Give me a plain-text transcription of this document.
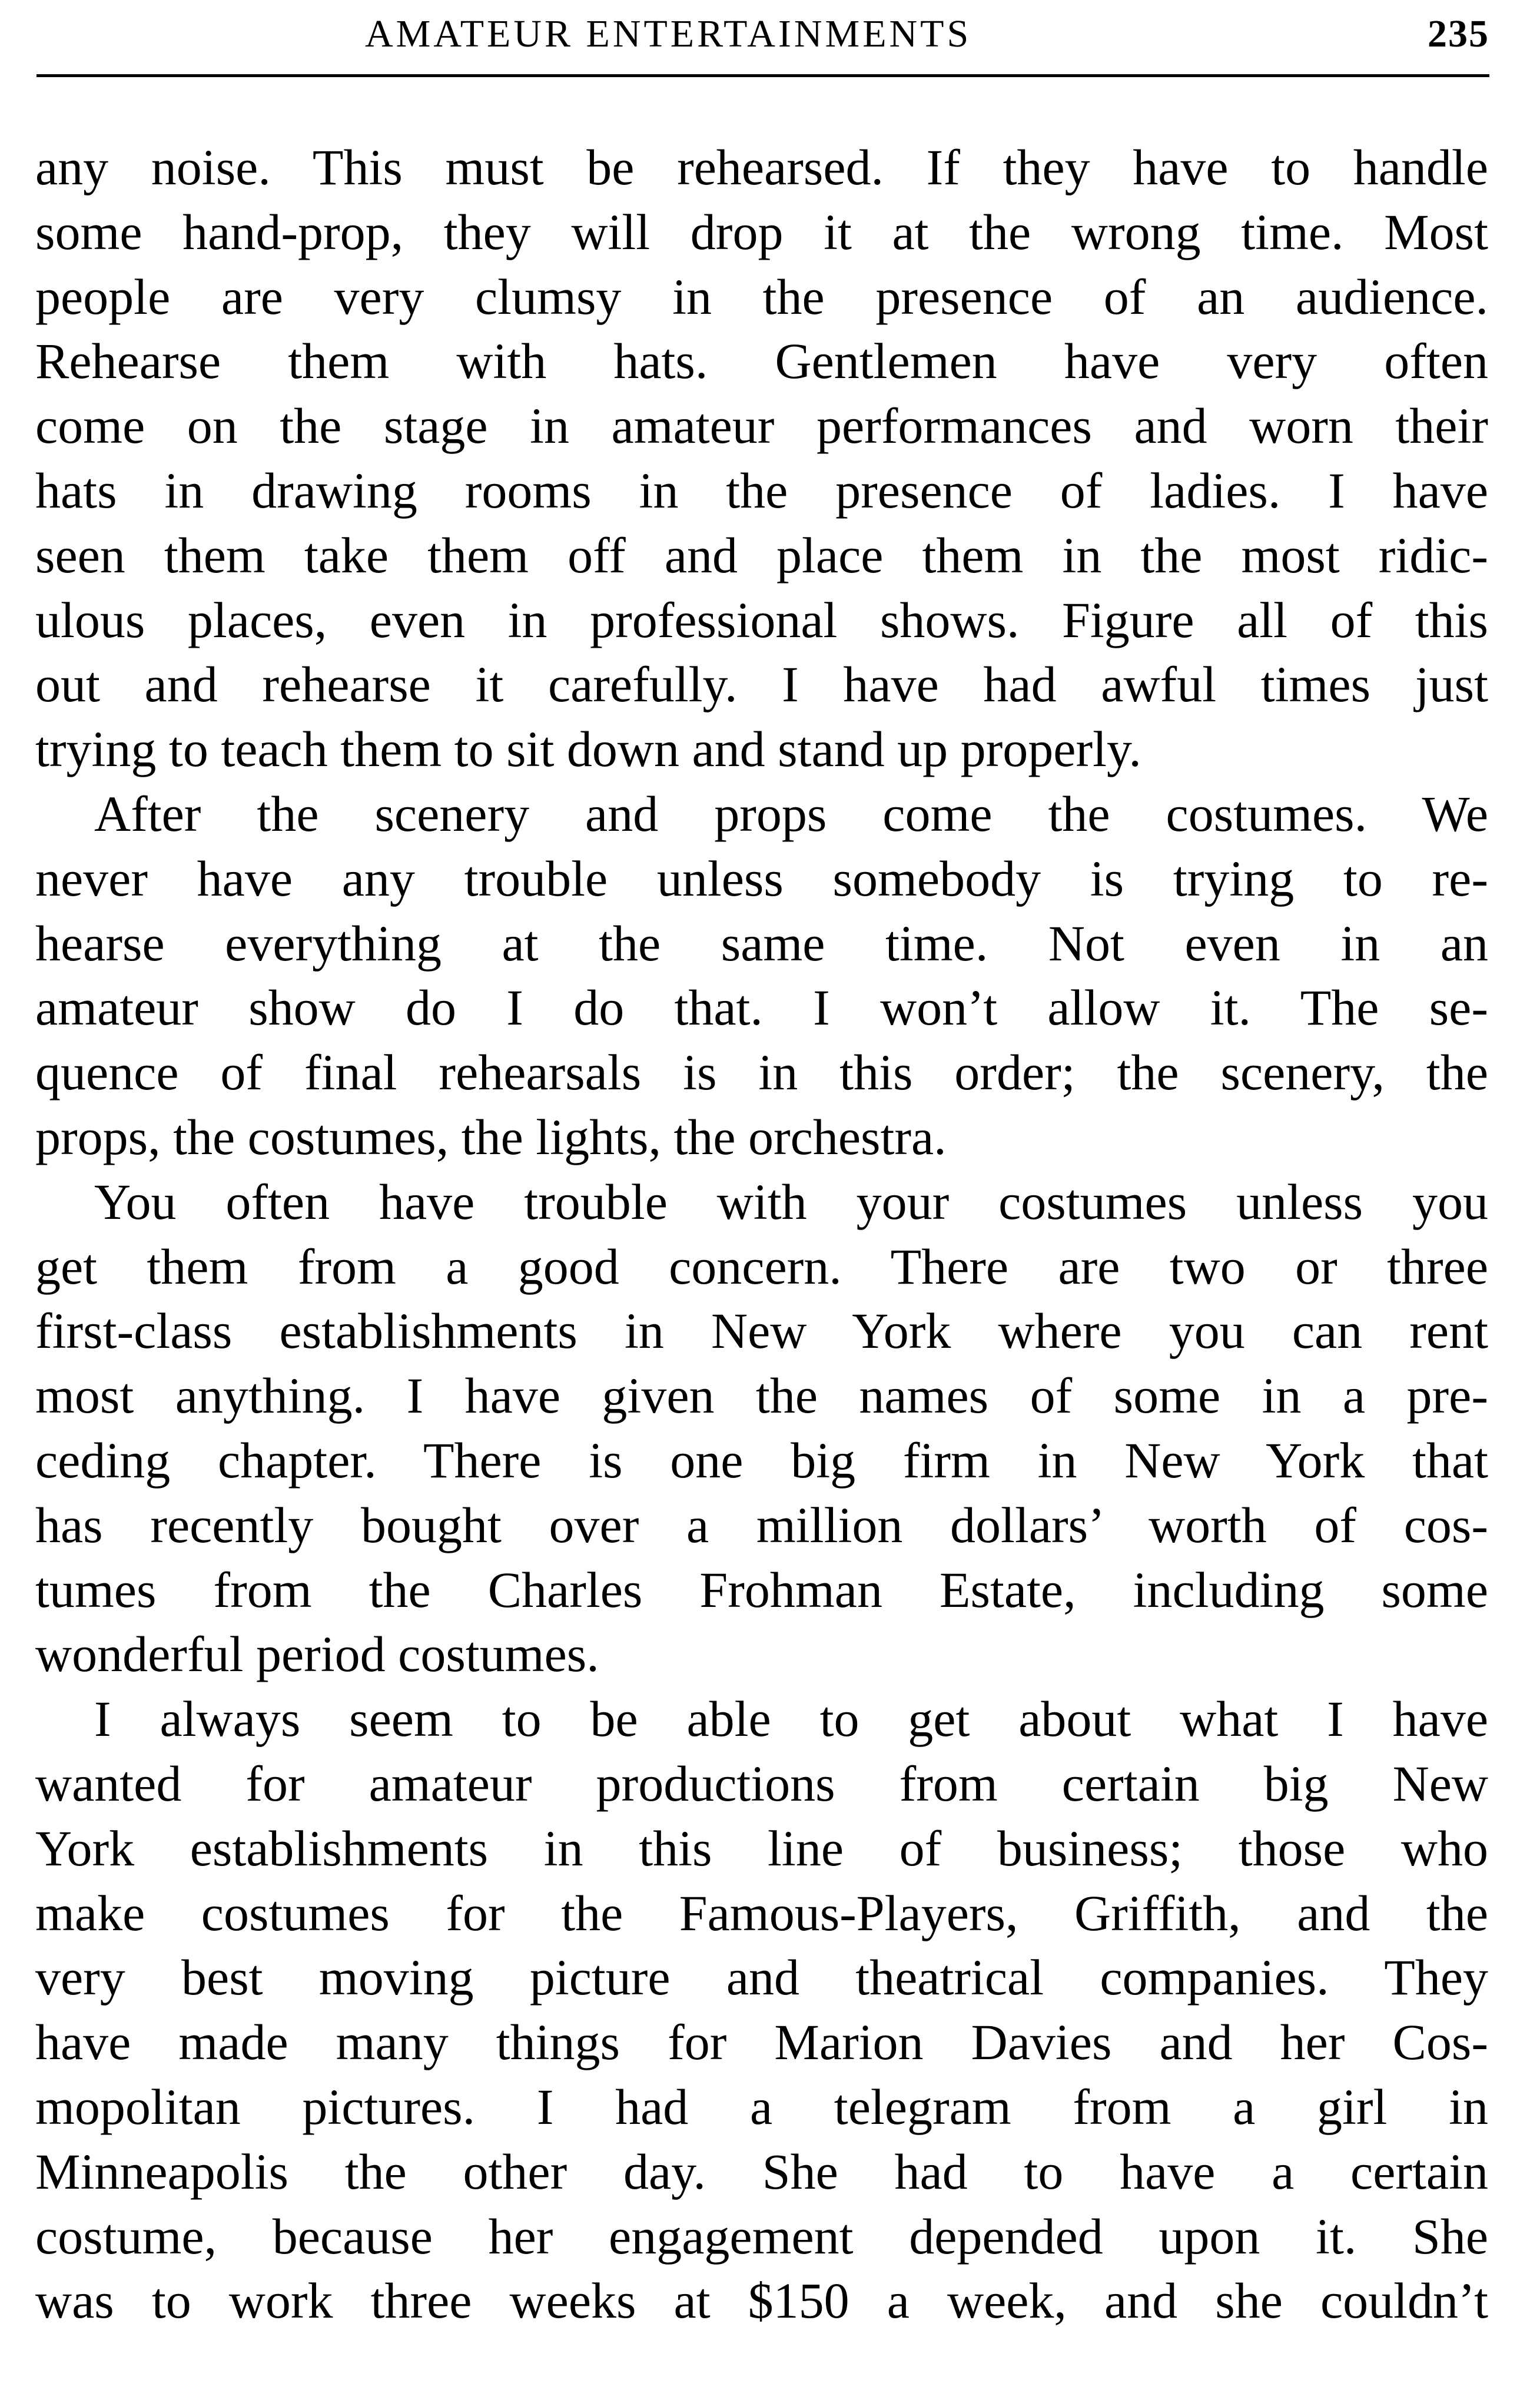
AMATEUR ENTERTAINMENTS	235
any noise. This must be rehearsed. If they have to handle
some hand-prop, they will drop it at the wrong time. Most
people are very clumsy in the presence of an audience.
Rehearse them with hats. Gentlemen have very often
come on the stage in amateur performances and worn their
hats in drawing rooms in the presence of ladies. I have
seen them take them off and place them in the most ridic-
ulous places, even in professional shows. Figure all of this
out and rehearse it carefully. I have had awful times just
trying to teach them to sit down and stand up properly.
After the scenery and props come the costumes. We
never have any trouble unless somebody is trying to re-
hearse everything at the same time. Not even in an
amateur show do I do that. I won’t allow it. The se-
quence of final rehearsals is in this order; the scenery, the
props, the costumes, the lights, the orchestra.
You often have trouble with your costumes unless you
get them from a good concern. There are two or three
first-class establishments in New York where you can rent
most anything. I have given the names of some in a pre-
ceding chapter. There is one big firm in New York that
has recently bought over a million dollars’ worth of cos-
tumes from the Charles Frohman Estate, including some
wonderful period costumes.
I always seem to be able to get about what I have
wanted for amateur productions from certain big New
York establishments in this line of business; those who
make costumes for the Famous-Players, Griffith, and the
very best moving picture and theatrical companies. They
have made many things for Marion Davies and her Cos-
mopolitan pictures. I had a telegram from a girl in
Minneapolis the other day. She had to have a certain
costume, because her engagement depended upon it. She
was to work three weeks at $150 a week, and she couldn’t
